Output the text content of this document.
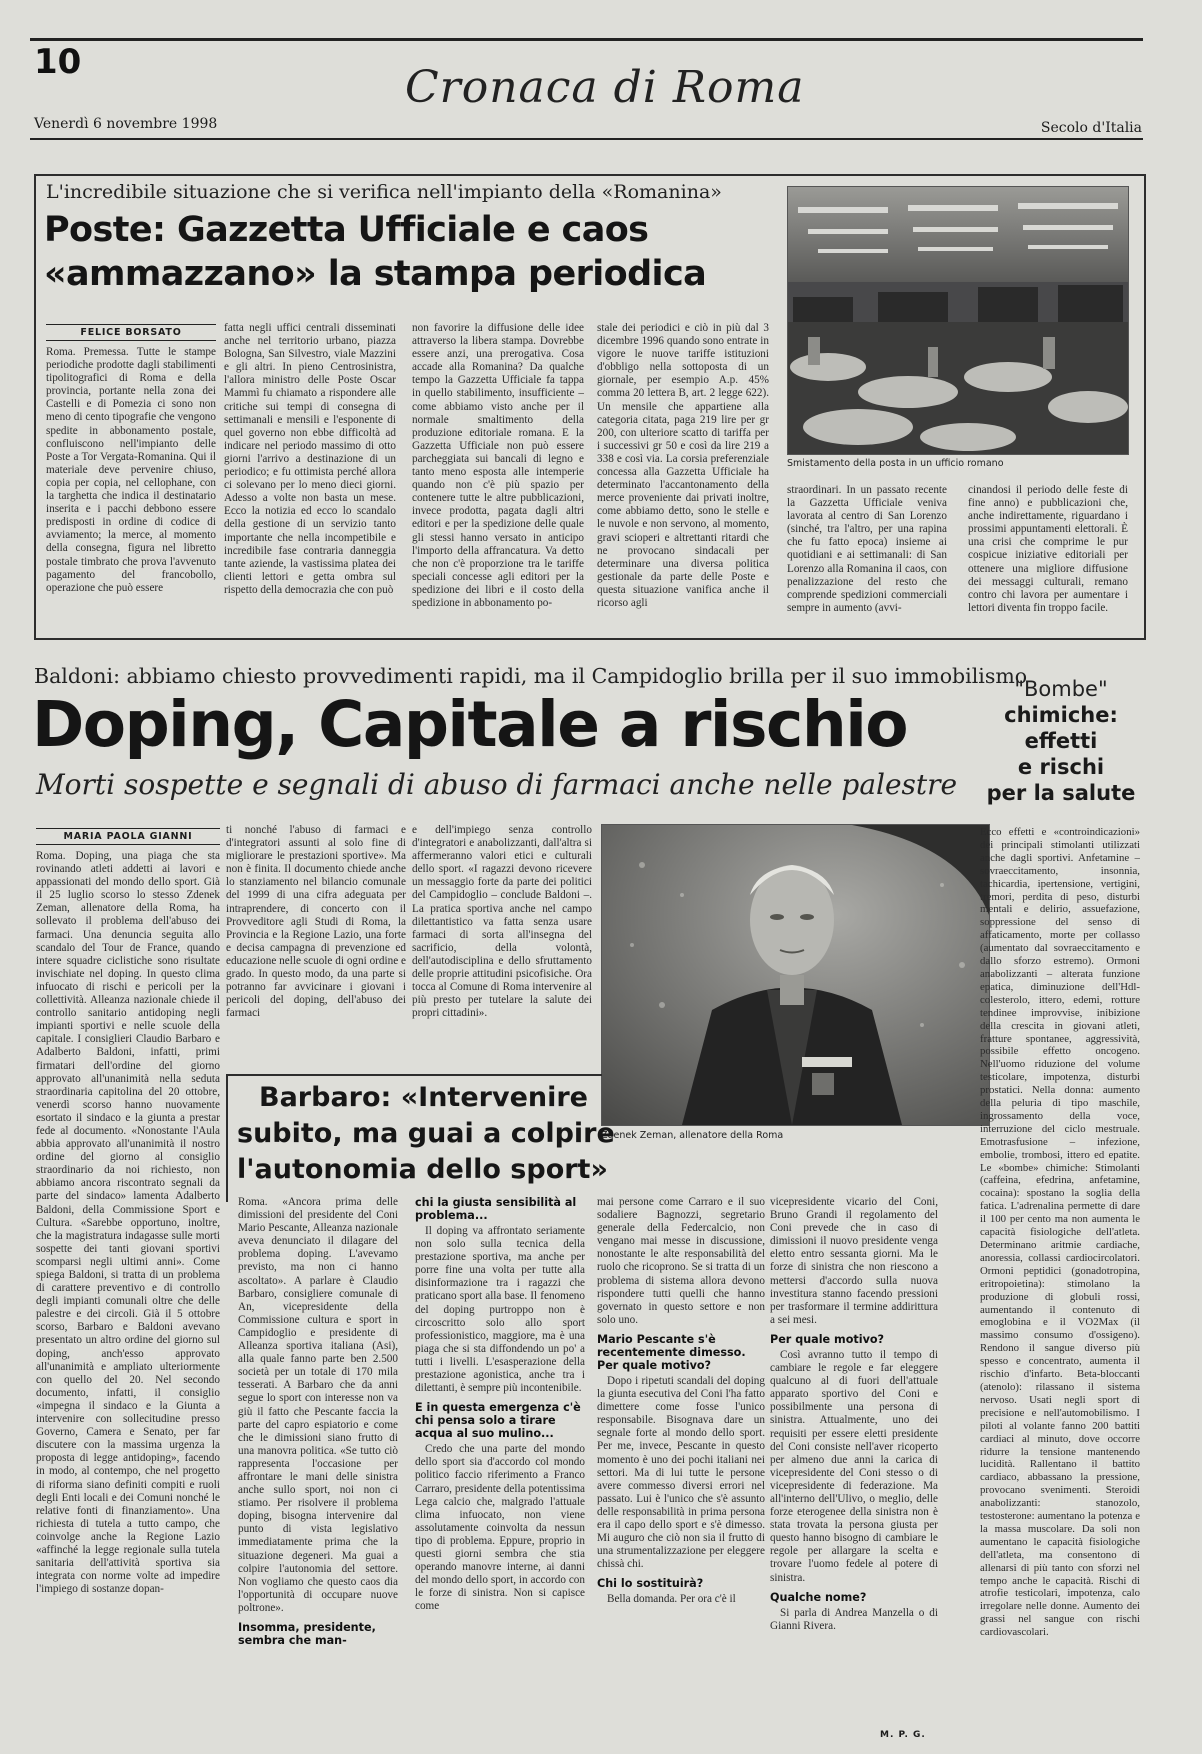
10	Cronaca di Roma
Venerdì 6 novembre 1998	Secolo d'Italia
L'incredibile situazione che si verifica nell'impianto della «Romanina»
Poste: Gazzetta Ufficiale e caos
«ammazzano» la stampa periodica
FELICE BORSATO
Roma. Premessa. Tutte le stampe periodiche prodotte dagli stabilimenti tipolitografici di Roma e della provincia, portante nella zona dei Castelli e di Pomezia ci sono non meno di cento tipografie che vengono spedite in abbonamento postale, confluiscono nell'impianto delle Poste a Tor Vergata-Romanina. Qui il materiale deve pervenire chiuso, copia per copia, nel cellophane, con la targhetta che indica il destinatario inserita e i pacchi debbono essere predisposti in ordine di codice di avviamento; la merce, al momento della consegna, figura nel libretto postale timbrato che prova l'avvenuto pagamento del francobollo, operazione che può essere
fatta negli uffici centrali disseminati anche nel territorio urbano, piazza Bologna, San Silvestro, viale Mazzini e gli altri. In pieno Centrosinistra, l'allora ministro delle Poste Oscar Mammì fu chiamato a rispondere alle critiche sui tempi di consegna di settimanali e mensili e l'esponente di quel governo non ebbe difficoltà ad indicare nel periodo massimo di otto giorni l'arrivo a destinazione di un periodico; e fu ottimista perché allora ci solevano per lo meno dieci giorni. Adesso a volte non basta un mese. Ecco la notizia ed ecco lo scandalo della gestione di un servizio tanto importante che nella incompetibile e incredibile fase contraria danneggia tante aziende, la vastissima platea dei clienti lettori e getta ombra sul rispetto della democrazia che con può
non favorire la diffusione delle idee attraverso la libera stampa. Dovrebbe essere anzi, una prerogativa. Cosa accade alla Romanina? Da qualche tempo la Gazzetta Ufficiale fa tappa in quello stabilimento, insufficiente – come abbiamo visto anche per il normale smaltimento della produzione editoriale romana. E la Gazzetta Ufficiale non può essere parcheggiata sui bancali di legno e tanto meno esposta alle intemperie quando non c'è più spazio per contenere tutte le altre pubblicazioni, invece prodotta, pagata dagli altri editori e per la spedizione delle quale gli stessi hanno versato in anticipo l'importo della affrancatura. Va detto che non c'è proporzione tra le tariffe speciali concesse agli editori per la spedizione dei libri e il costo della spedizione in abbonamento po-
stale dei periodici e ciò in più dal 3 dicembre 1996 quando sono entrate in vigore le nuove tariffe istituzioni d'obbligo nella sottoposta di un giornale, per esempio A.p. 45% comma 20 lettera B, art. 2 legge 622). Un mensile che appartiene alla categoria citata, paga 219 lire per gr 200, con ulteriore scatto di tariffa per i successivi gr 50 e così da lire 219 a 338 e così via. La corsia preferenziale concessa alla Gazzetta Ufficiale ha determinato l'accantonamento della merce proveniente dai privati inoltre, come abbiamo detto, sono le stelle e le nuvole e non servono, al momento, gravi scioperi e altrettanti ritardi che ne provocano sindacali per determinare una diversa politica gestionale da parte delle Poste e questa situazione vanifica anche il ricorso agli
Smistamento della posta in un ufficio romano
straordinari. In un passato recente la Gazzetta Ufficiale veniva lavorata al centro di San Lorenzo (sinché, tra l'altro, per una rapina che fu fatto epoca) insieme ai quotidiani e ai settimanali: di San Lorenzo alla Romanina il caos, con penalizzazione del resto che comprende spedizioni commerciali sempre in aumento (avvi-
cinandosi il periodo delle feste di fine anno) e pubblicazioni che, anche indirettamente, riguardano i prossimi appuntamenti elettorali. È una crisi che comprime le pur cospicue iniziative editoriali per ottenere una migliore diffusione dei messaggi culturali, remano contro chi lavora per aumentare i lettori diventa fin troppo facile.
Baldoni: abbiamo chiesto provvedimenti rapidi, ma il Campidoglio brilla per il suo immobilismo
Doping, Capitale a rischio
Morti sospette e segnali di abuso di farmaci anche nelle palestre
MARIA PAOLA GIANNI
Roma. Doping, una piaga che sta rovinando atleti addetti ai lavori e appassionati del mondo dello sport. Già il 25 luglio scorso lo stesso Zdenek Zeman, allenatore della Roma, ha sollevato il problema dell'abuso dei farmaci. Una denuncia seguita allo scandalo del Tour de France, quando intere squadre ciclistiche sono risultate invischiate nel doping. In questo clima infuocato di rischi e pericoli per la collettività. Alleanza nazionale chiede il controllo sanitario antidoping negli impianti sportivi e nelle scuole della capitale. I consiglieri Claudio Barbaro e Adalberto Baldoni, infatti, primi firmatari dell'ordine del giorno approvato all'unanimità nella seduta straordinaria capitolina del 20 ottobre, venerdì scorso hanno nuovamente esortato il sindaco e la giunta a prestar fede al documento. «Nonostante l'Aula abbia approvato all'unanimità il nostro ordine del giorno al consiglio straordinario da noi richiesto, non abbiamo ancora riscontrato segnali da parte del sindaco» lamenta Adalberto Baldoni, della Commissione Sport e Cultura. «Sarebbe opportuno, inoltre, che la magistratura indagasse sulle morti sospette dei tanti giovani sportivi scomparsi negli ultimi anni». Come spiega Baldoni, si tratta di un problema di carattere preventivo e di controllo degli impianti comunali oltre che delle palestre e dei circoli. Già il 5 ottobre scorso, Barbaro e Baldoni avevano presentato un altro ordine del giorno sul doping, anch'esso approvato all'unanimità e ampliato ulteriormente con quello del 20. Nel secondo documento, infatti, il consiglio «impegna il sindaco e la Giunta a intervenire con sollecitudine presso Governo, Camera e Senato, per far discutere con la massima urgenza la proposta di legge antidoping», facendo in modo, al contempo, che nel progetto di riforma siano definiti compiti e ruoli degli Enti locali e dei Comuni nonché le relative fonti di finanziamento». Una richiesta di tutela a tutto campo, che coinvolge anche la Regione Lazio «affinché la legge regionale sulla tutela sanitaria dell'attività sportiva sia integrata con norme volte ad impedire l'impiego di sostanze dopan-
ti nonché l'abuso di farmaci e d'integratori assunti al solo fine di migliorare le prestazioni sportive». Ma non è finita. Il documento chiede anche lo stanziamento nel bilancio comunale del 1999 di una cifra adeguata per intraprendere, di concerto con il Provveditore agli Studi di Roma, la Provincia e la Regione Lazio, una forte e decisa campagna di prevenzione ed educazione nelle scuole di ogni ordine e grado. In questo modo, da una parte si potranno far avvicinare i giovani i pericoli del doping, dell'abuso dei farmaci
e dell'impiego senza controllo d'integratori e anabolizzanti, dall'altra si affermeranno valori etici e culturali dello sport. «I ragazzi devono ricevere un messaggio forte da parte dei politici del Campidoglio – conclude Baldoni –. La pratica sportiva anche nel campo dilettantistico va fatta senza usare farmaci di sorta all'insegna del sacrificio, della volontà, dell'autodisciplina e dello sfruttamento delle proprie attitudini psicofisiche. Ora tocca al Comune di Roma intervenire al più presto per tutelare la salute dei propri cittadini».
Zdenek Zeman, allenatore della Roma
Barbaro: «Intervenire
subito, ma guai a colpire
l'autonomia dello sport»

Roma. «Ancora prima delle dimissioni del presidente del Coni Mario Pescante, Alleanza nazionale aveva denunciato il dilagare del problema doping. L'avevamo previsto, ma non ci hanno ascoltato». A parlare è Claudio Barbaro, consigliere comunale di An, vicepresidente della Commissione cultura e sport in Campidoglio e presidente di Alleanza sportiva italiana (Asi), alla quale fanno parte ben 2.500 società per un totale di 170 mila tesserati. A Barbaro che da anni segue lo sport con interesse non va giù il fatto che Pescante faccia la parte del capro espiatorio e come che le dimissioni siano frutto di una manovra politica. «Se tutto ciò rappresenta l'occasione per affrontare le mani delle sinistra anche sullo sport, noi non ci stiamo. Per risolvere il problema doping, bisogna intervenire dal punto di vista legislativo immediatamente prima che la situazione degeneri. Ma guai a colpire l'autonomia del settore. Non vogliamo che questo caos dia l'opportunità di occupare nuove poltrone».

Insomma, presidente, sembra che man-
chi la giusta sensibilità al problema...

Il doping va affrontato seriamente non solo sulla tecnica della prestazione sportiva, ma anche per porre fine una volta per tutte alla disinformazione tra i ragazzi che praticano sport alla base. Il fenomeno del doping purtroppo non è circoscritto solo allo sport professionistico, maggiore, ma è una piaga che si sta diffondendo un po' a tutti i livelli. L'esasperazione della prestazione agonistica, anche tra i dilettanti, è sempre più incontenibile.

E in questa emergenza c'è chi pensa solo a tirare acqua al suo mulino...

Credo che una parte del mondo dello sport sia d'accordo col mondo politico faccio riferimento a Franco Carraro, presidente della potentissima Lega calcio che, malgrado l'attuale clima infuocato, non viene assolutamente coinvolta da nessun tipo di problema. Eppure, proprio in questi giorni sembra che stia operando manovre interne, ai danni del mondo dello sport, in accordo con le forze di sinistra. Non si capisce come

mai persone come Carraro e il suo sodaliere Bagnozzi, segretario generale della Federcalcio, non vengano mai messe in discussione, nonostante le alte responsabilità del ruolo che ricoprono. Se si tratta di un problema di sistema allora devono rispondere tutti quelli che hanno governato in questo settore e non solo uno.

Mario Pescante s'è recentemente dimesso. Per quale motivo?

Dopo i ripetuti scandali del doping la giunta esecutiva del Coni l'ha fatto dimettere come fosse l'unico responsabile. Bisognava dare un segnale forte al mondo dello sport. Per me, invece, Pescante in questo momento è uno dei pochi italiani nei settori. Ma di lui tutte le persone avere commesso diversi errori nel passato. Lui è l'unico che s'è assunto delle responsabilità in prima persona era il capo dello sport e s'è dimesso. Mi auguro che ciò non sia il frutto di una strumentalizzazione per eleggere chissà chi.

Chi lo sostituirà?

Bella domanda. Per ora c'è il

vicepresidente vicario del Coni, Bruno Grandi il regolamento del Coni prevede che in caso di dimissioni il nuovo presidente venga eletto entro sessanta giorni. Ma le forze di sinistra che non riescono a mettersi d'accordo sulla nuova investitura stanno facendo pressioni per trasformare il termine addirittura a sei mesi.

Per quale motivo?

Così avranno tutto il tempo di cambiare le regole e far eleggere qualcuno al di fuori dell'attuale apparato sportivo del Coni e possibilmente una persona di sinistra. Attualmente, uno dei requisiti per essere eletti presidente del Coni consiste nell'aver ricoperto per almeno due anni la carica di vicepresidente del Coni stesso o di vicepresidente di federazione. Ma all'interno dell'Ulivo, o meglio, delle forze eterogenee della sinistra non è stata trovata la persona giusta per questo hanno bisogno di cambiare le regole per allargare la scelta e trovare l'uomo fedele al potere di sinistra.

Qualche nome?

Si parla di Andrea Manzella o di Gianni Rivera.

M. P. G.
"Bombe"
chimiche:
effetti
e rischi
per la salute
Ecco effetti e «controindicazioni» dei principali stimolanti utilizzati anche dagli sportivi. Anfetamine – sovraeccitamento, insonnia, tachicardia, ipertensione, vertigini, tremori, perdita di peso, disturbi mentali e delirio, assuefazione, soppressione del senso di affaticamento, morte per collasso (aumentato dal sovraeccitamento e dallo sforzo estremo). Ormoni anabolizzanti – alterata funzione epatica, diminuzione dell'Hdl-colesterolo, ittero, edemi, rotture tendinee improvvise, inibizione della crescita in giovani atleti, fratture spontanee, aggressività, possibile effetto oncogeno. Nell'uomo riduzione del volume testicolare, impotenza, disturbi prostatici. Nella donna: aumento della peluria di tipo maschile, ingrossamento della voce, interruzione del ciclo mestruale. Emotrasfusione – infezione, embolie, trombosi, ittero ed epatite. Le «bombe» chimiche: Stimolanti (caffeina, efedrina, anfetamine, cocaina): spostano la soglia della fatica. L'adrenalina permette di dare il 100 per cento ma non aumenta le capacità fisiologiche dell'atleta. Determinano aritmie cardiache, anoressia, collassi cardiocircolatori. Ormoni peptidici (gonadotropina, eritropoietina): stimolano la produzione di globuli rossi, aumentando il contenuto di emoglobina e il VO2Max (il massimo consumo d'ossigeno). Rendono il sangue diverso più spesso e concentrato, aumenta il rischio d'infarto. Beta-bloccanti (atenolo): rilassano il sistema nervoso. Usati negli sport di precisione e nell'automobilismo. I piloti al volante fanno 200 battiti cardiaci al minuto, dove occorre ridurre la tensione mantenendo lucidità. Rallentano il battito cardiaco, abbassano la pressione, provocano svenimenti. Steroidi anabolizzanti: stanozolo, testosterone: aumentano la potenza e la massa muscolare. Da soli non aumentano le capacità fisiologiche dell'atleta, ma consentono di allenarsi di più tanto con sforzi nel tempo anche le capacità. Rischi di atrofie testicolari, impotenza, calo irregolare nelle donne. Aumento dei grassi nel sangue con rischi cardiovascolari.
